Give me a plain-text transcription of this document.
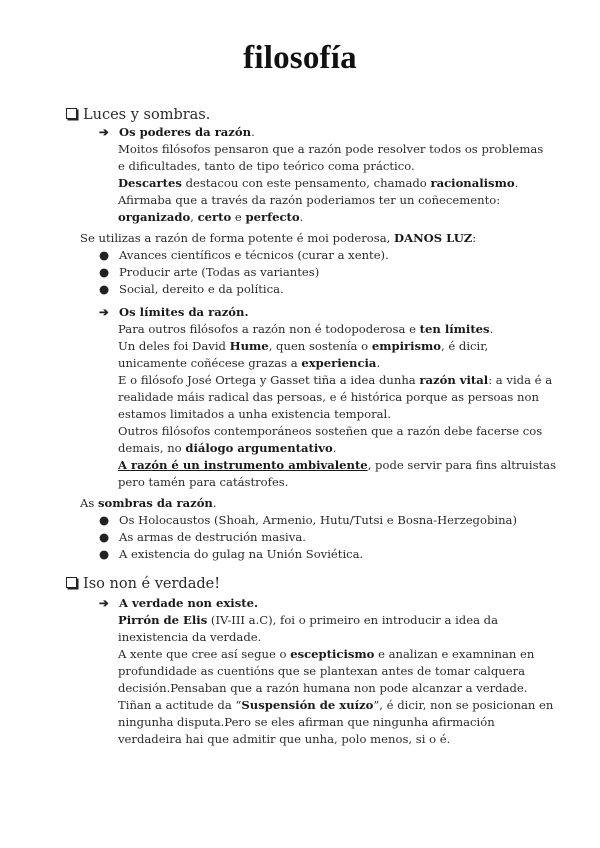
filosofía
Luces y sombras.
➔ Os poderes da razón.
Moitos filósofos pensaron que a razón pode resolver todos os problemas
e dificultades, tanto de tipo teórico coma práctico.
Descartes destacou con este pensamento, chamado racionalismo.
Afirmaba que a través da razón poderiamos ter un coñecemento:
organizado, certo e perfecto.
Se utilizas a razón de forma potente é moi poderosa, DANOS LUZ:
● Avances científicos e técnicos (curar a xente).
● Producir arte (Todas as variantes)
● Social, dereito e da política.
➔ Os límites da razón.
Para outros filósofos a razón non é todopoderosa e ten límites.
Un deles foi David Hume, quen sostenía o empirismo, é dicir,
unicamente coñécese grazas a experiencia.
E o filósofo José Ortega y Gasset tiña a idea dunha razón vital: a vida é a
realidade máis radical das persoas, e é histórica porque as persoas non
estamos limitados a unha existencia temporal.
Outros filósofos contemporáneos sosteñen que a razón debe facerse cos
demais, no diálogo argumentativo.
A razón é un instrumento ambivalente, pode servir para fins altruistas
pero tamén para catástrofes.
As sombras da razón.
● Os Holocaustos (Shoah, Armenio, Hutu/Tutsi e Bosna-Herzegobina)
● As armas de destrución masiva.
● A existencia do gulag na Unión Soviética.
Iso non é verdade!
➔ A verdade non existe.
Pirrón de Elis (IV-III a.C), foi o primeiro en introducir a idea da
inexistencia da verdade.
A xente que cree así segue o escepticismo e analizan e examninan en
profundidade as cuentións que se plantexan antes de tomar calquera
decisión.Pensaban que a razón humana non pode alcanzar a verdade.
Tiñan a actitude da “Suspensión de xuízo”, é dicir, non se posicionan en
ningunha disputa.Pero se eles afirman que ningunha afirmación
verdadeira hai que admitir que unha, polo menos, si o é.
